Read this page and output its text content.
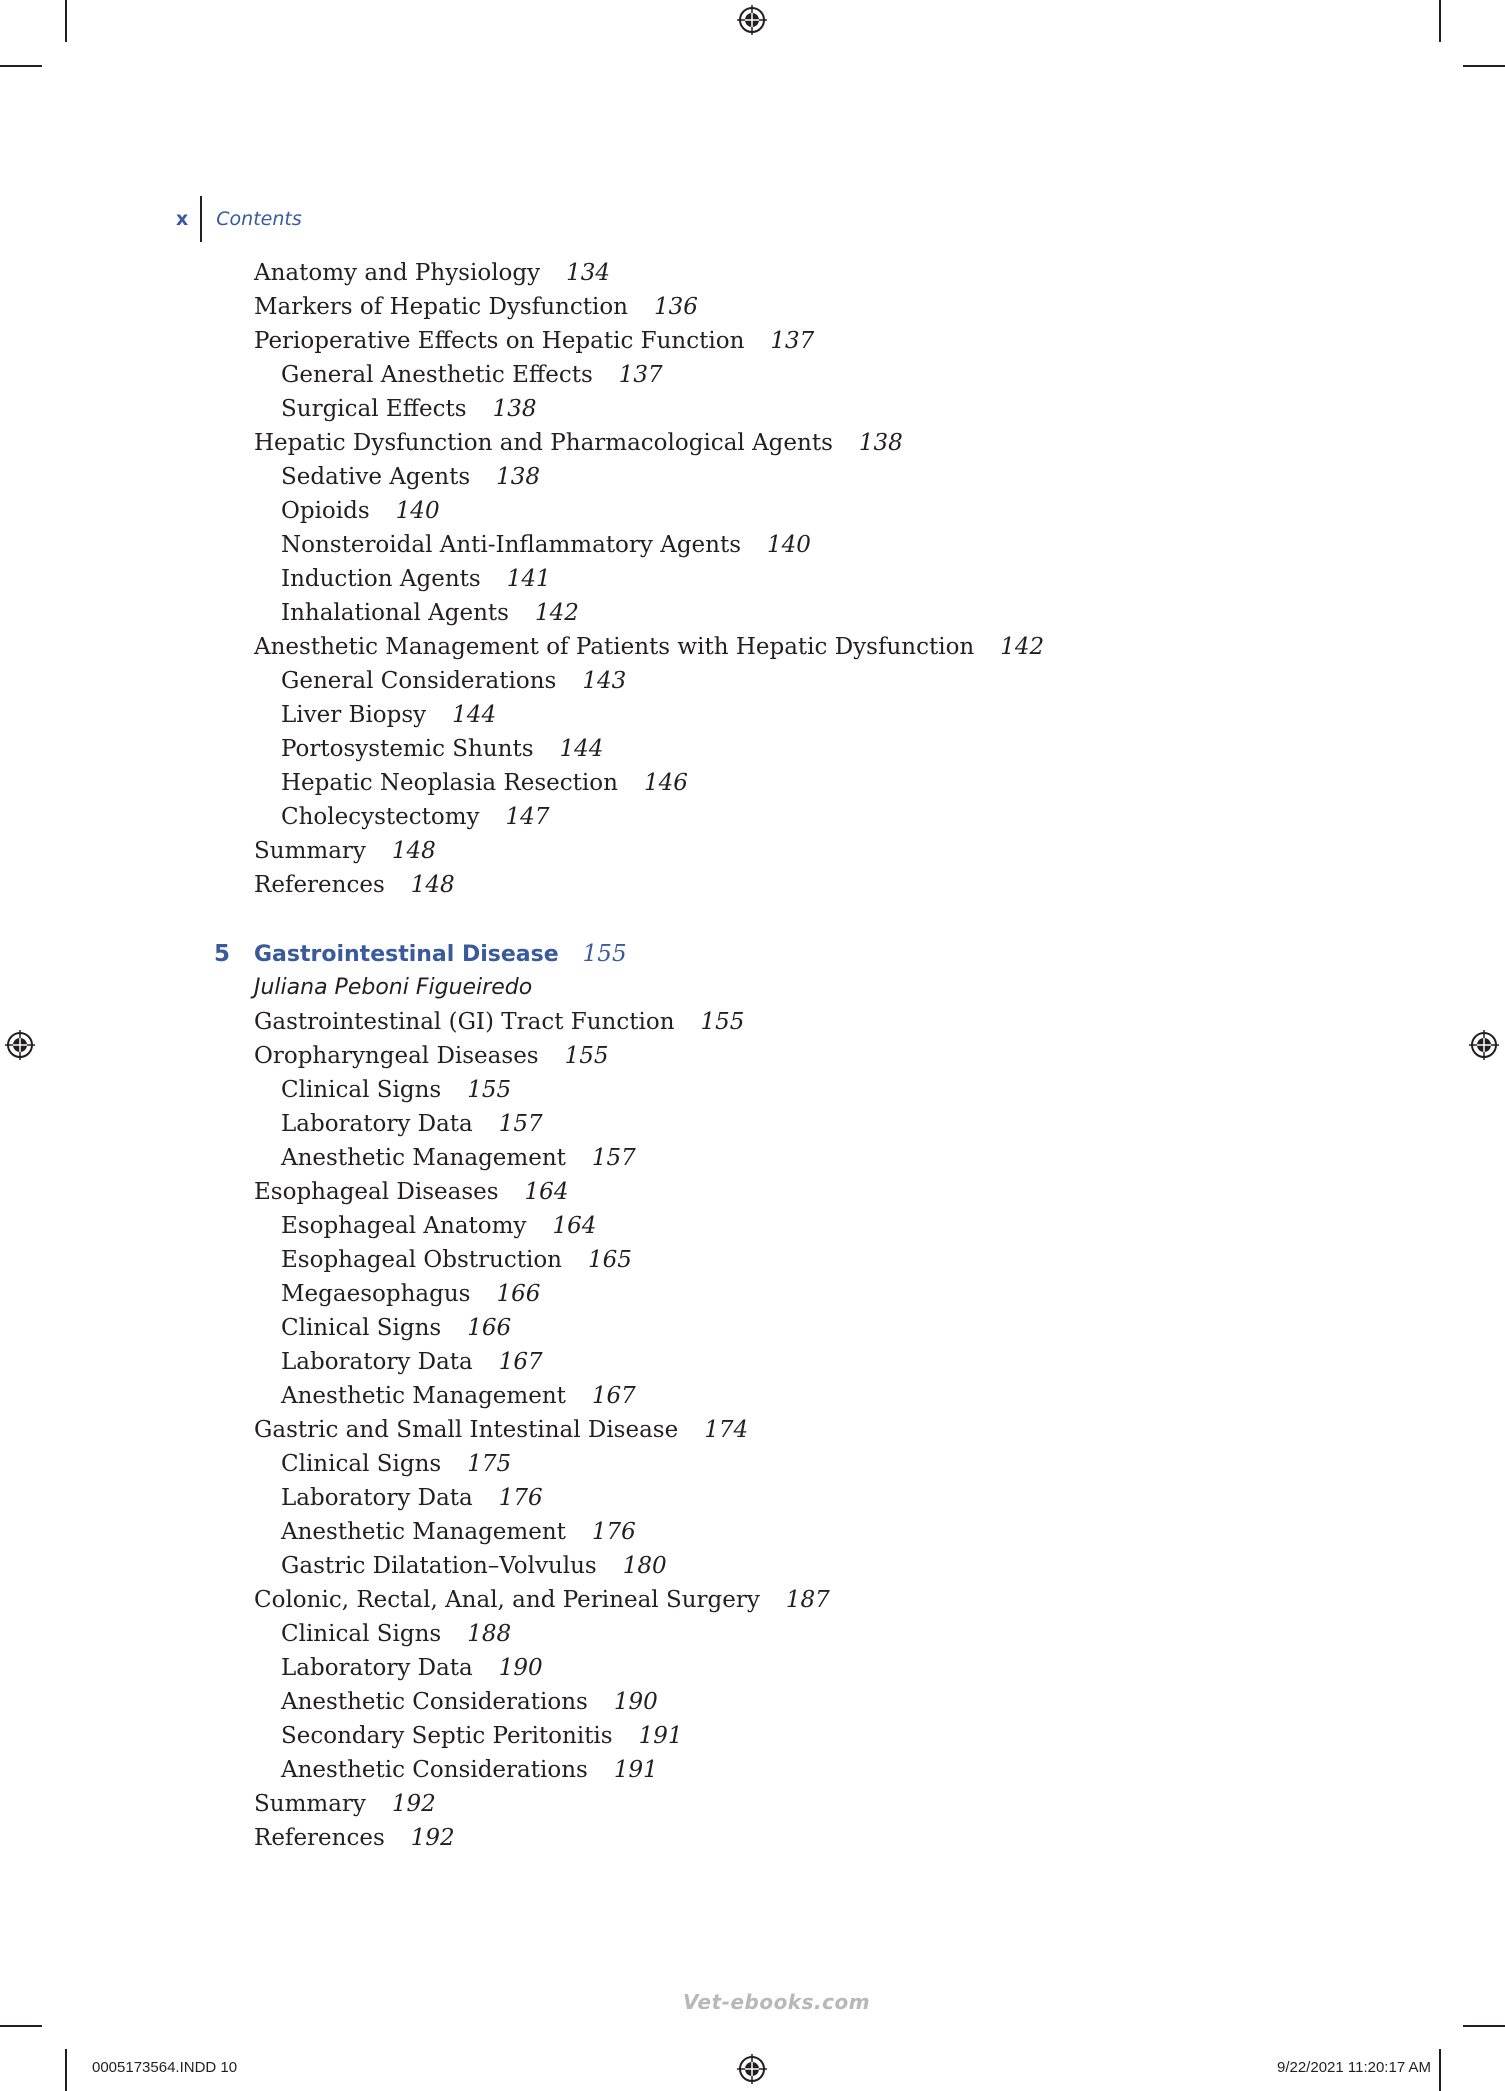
x Contents
Anatomy and Physiology 134
Markers of Hepatic Dysfunction 136
Perioperative Effects on Hepatic Function 137
General Anesthetic Effects 137
Surgical Effects 138
Hepatic Dysfunction and Pharmacological Agents 138
Sedative Agents 138
Opioids 140
Nonsteroidal Anti-Inflammatory Agents 140
Induction Agents 141
Inhalational Agents 142
Anesthetic Management of Patients with Hepatic Dysfunction 142
General Considerations 143
Liver Biopsy 144
Portosystemic Shunts 144
Hepatic Neoplasia Resection 146
Cholecystectomy 147
Summary 148
References 148
5 Gastrointestinal Disease 155
Juliana Peboni Figueiredo
Gastrointestinal (GI) Tract Function 155
Oropharyngeal Diseases 155
Clinical Signs 155
Laboratory Data 157
Anesthetic Management 157
Esophageal Diseases 164
Esophageal Anatomy 164
Esophageal Obstruction 165
Megaesophagus 166
Clinical Signs 166
Laboratory Data 167
Anesthetic Management 167
Gastric and Small Intestinal Disease 174
Clinical Signs 175
Laboratory Data 176
Anesthetic Management 176
Gastric Dilatation–Volvulus 180
Colonic, Rectal, Anal, and Perineal Surgery 187
Clinical Signs 188
Laboratory Data 190
Anesthetic Considerations 190
Secondary Septic Peritonitis 191
Anesthetic Considerations 191
Summary 192
References 192
Vet-ebooks.com
0005173564.INDD 10	9/22/2021 11:20:17 AM
